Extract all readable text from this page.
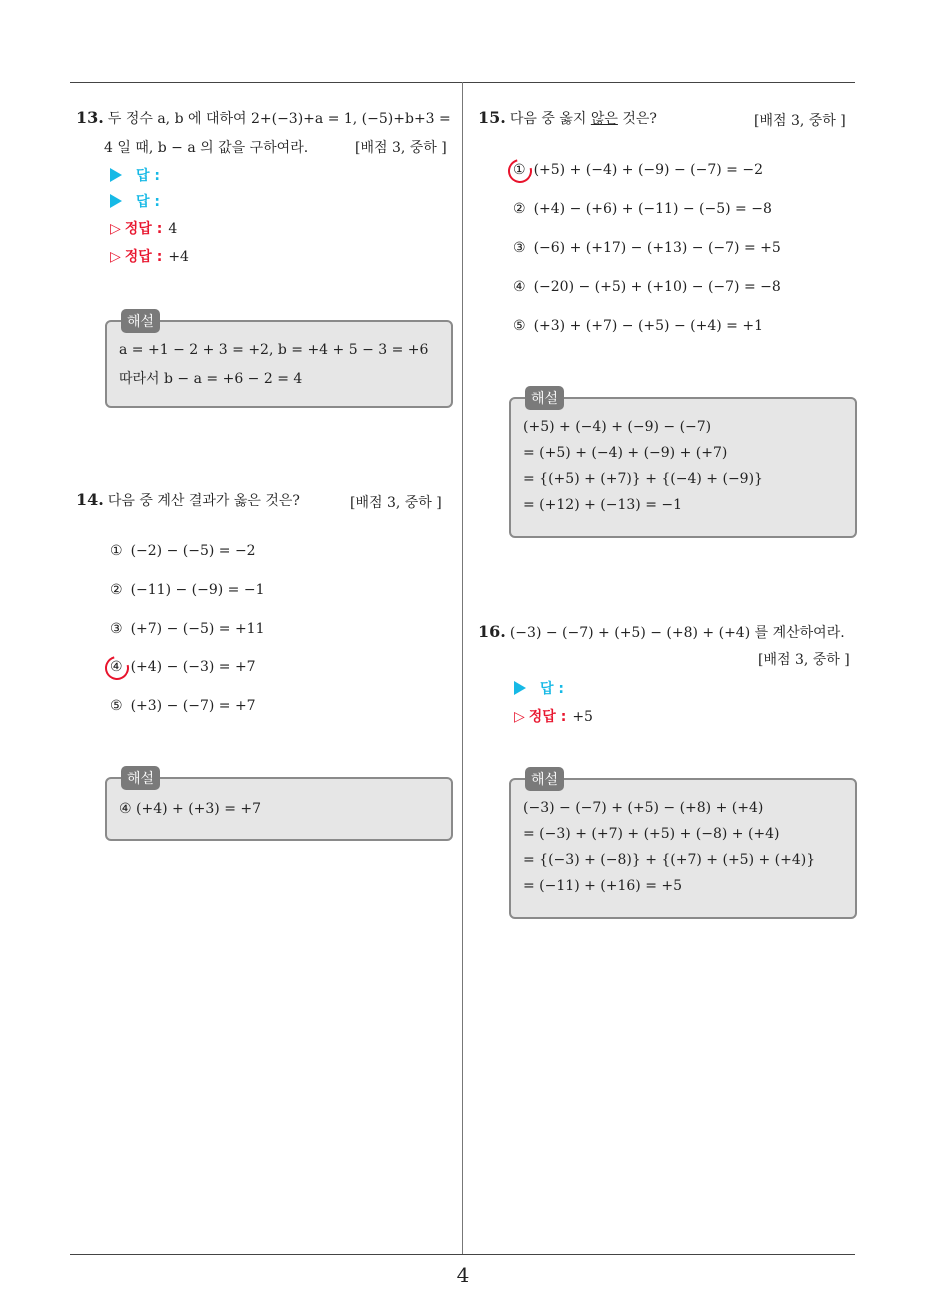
4
13. 두 정수 a, b 에 대하여 2+(−3)+a = 1, (−5)+b+3 =
4 일 때, b − a 의 값을 구하여라.	[배점 3, 중하 ]
답 :
답 :
▷ 정답 : 4
▷ 정답 : +4
해설
a = +1 − 2 + 3 = +2, b = +4 + 5 − 3 = +6
따라서 b − a = +6 − 2 = 4
14. 다음 중 계산 결과가 옳은 것은?	[배점 3, 중하 ]
① (−2) − (−5) = −2
② (−11) − (−9) = −1
③ (+7) − (−5) = +11
④ (+4) − (−3) = +7
⑤ (+3) − (−7) = +7
해설
④ (+4) + (+3) = +7
15. 다음 중 옳지 않은 것은?	[배점 3, 중하 ]
① (+5) + (−4) + (−9) − (−7) = −2
② (+4) − (+6) + (−11) − (−5) = −8
③ (−6) + (+17) − (+13) − (−7) = +5
④ (−20) − (+5) + (+10) − (−7) = −8
⑤ (+3) + (+7) − (+5) − (+4) = +1
해설
(+5) + (−4) + (−9) − (−7)
= (+5) + (−4) + (−9) + (+7)
= {(+5) + (+7)} + {(−4) + (−9)}
= (+12) + (−13) = −1
16. (−3) − (−7) + (+5) − (+8) + (+4) 를 계산하여라.
[배점 3, 중하 ]
답 :
▷ 정답 : +5
해설
(−3) − (−7) + (+5) − (+8) + (+4)
= (−3) + (+7) + (+5) + (−8) + (+4)
= {(−3) + (−8)} + {(+7) + (+5) + (+4)}
= (−11) + (+16) = +5
